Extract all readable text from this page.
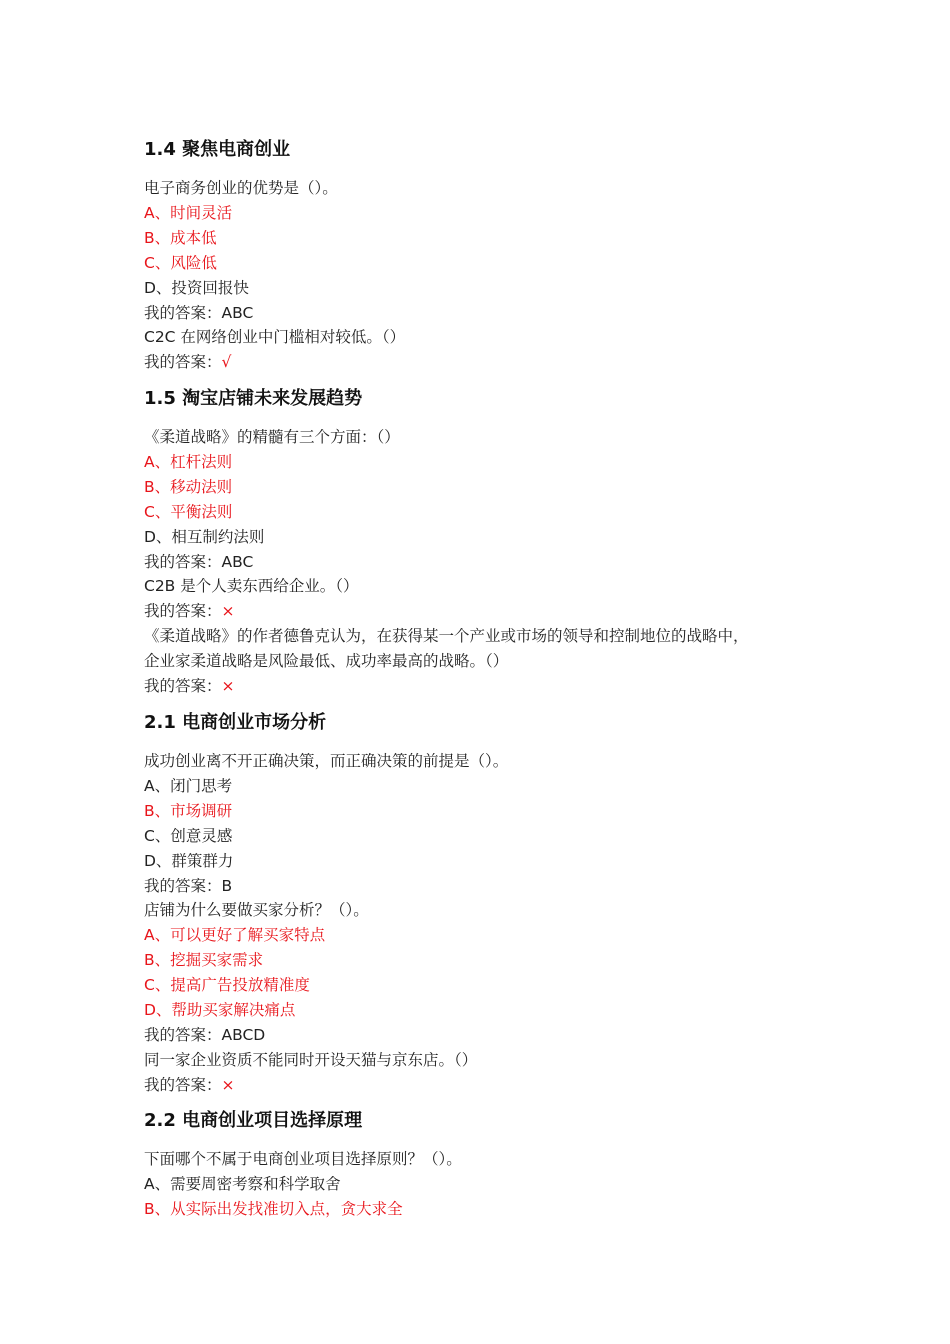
1.4 聚焦电商创业
电子商务创业的优势是（）。
A、时间灵活
B、成本低
C、风险低
D、投资回报快
我的答案：ABC
C2C 在网络创业中门槛相对较低。（）
我的答案：√
1.5 淘宝店铺未来发展趋势
《柔道战略》的精髓有三个方面：（）
A、杠杆法则
B、移动法则
C、平衡法则
D、相互制约法则
我的答案：ABC
C2B 是个人卖东西给企业。（）
我的答案：×
《柔道战略》的作者德鲁克认为，在获得某一个产业或市场的领导和控制地位的战略中，
企业家柔道战略是风险最低、成功率最高的战略。（）
我的答案：×
2.1 电商创业市场分析
成功创业离不开正确决策，而正确决策的前提是（）。
A、闭门思考
B、市场调研
C、创意灵感
D、群策群力
我的答案：B
店铺为什么要做买家分析？（）。
A、可以更好了解买家特点
B、挖掘买家需求
C、提高广告投放精准度
D、帮助买家解决痛点
我的答案：ABCD
同一家企业资质不能同时开设天猫与京东店。（）
我的答案：×
2.2 电商创业项目选择原理
下面哪个不属于电商创业项目选择原则？（）。
A、需要周密考察和科学取舍
B、从实际出发找准切入点，贪大求全
